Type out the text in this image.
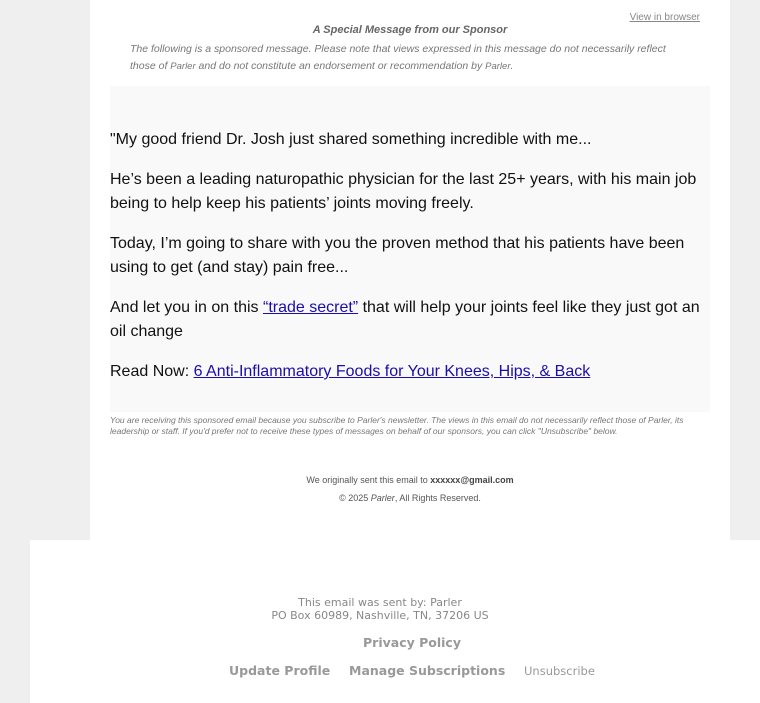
View in browser
A Special Message from our Sponsor
The following is a sponsored message. Please note that views expressed in this message do not necessarily reflect those of Parler and do not constitute an endorsement or recommendation by Parler.

"My good friend Dr. Josh just shared something incredible with me...

He’s been a leading naturopathic physician for the last 25+ years, with his main job being to help keep his patients’ joints moving freely.

Today, I’m going to share with you the proven method that his patients have been using to get (and stay) pain free...

And let you in on this “trade secret” that will help your joints feel like they just got an oil change

Read Now: 6 Anti-Inflammatory Foods for Your Knees, Hips, & Back

You are receiving this sponsored email because you subscribe to Parler's newsletter. The views in this email do not necessarily reflect those of Parler, its leadership or staff. If you'd prefer not to receive these types of messages on behalf of our sponsors, you can click "Unsubscribe" below.
We originally sent this email to xxxxxx@gmail.com
© 2025 Parler, All Rights Reserved.
This email was sent by: Parler
PO Box 60989, Nashville, TN, 37206 US
Privacy Policy
Update Profile Manage Subscriptions Unsubscribe
